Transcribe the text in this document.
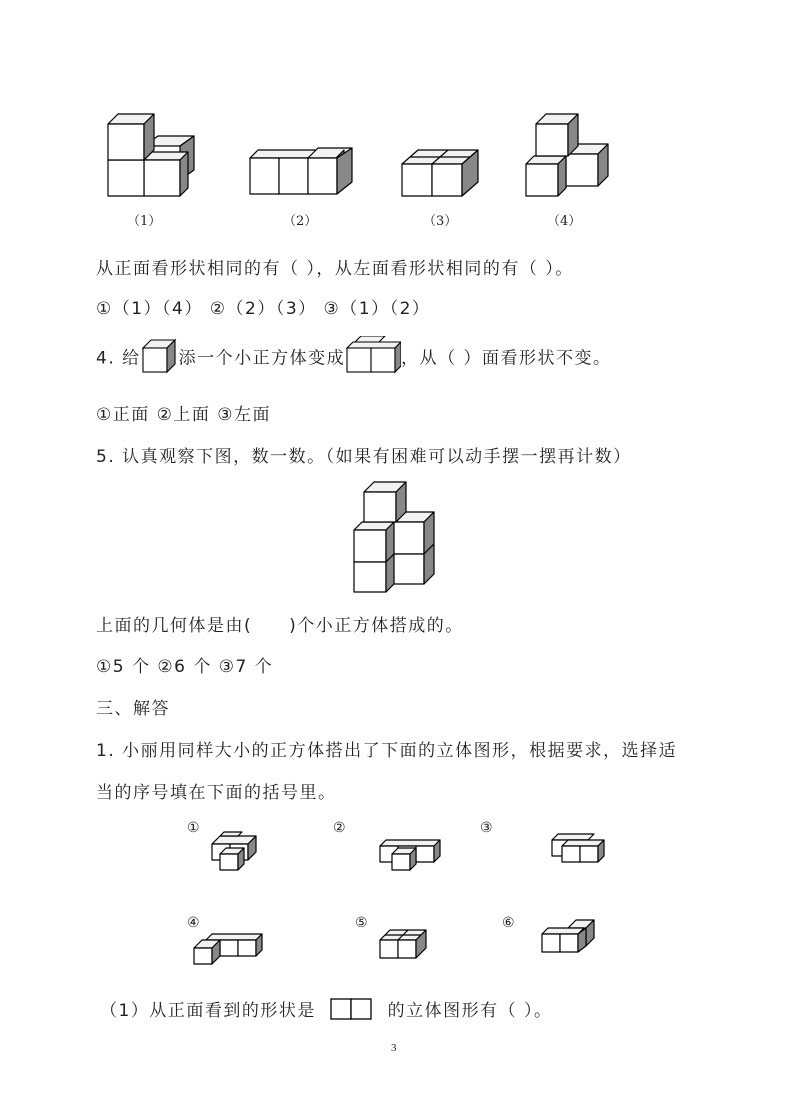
（1）	（2）	（3）	（4）
从正面看形状相同的有（ ），从左面看形状相同的有（ ）。
①（1）（4） ②（2）（3） ③（1）（2）
4. 给 添一个小正方体变成	，从（ ）面看形状不变。
①正面 ②上面 ③左面
5. 认真观察下图，数一数。（如果有困难可以动手摆一摆再计数）
上面的几何体是由(　　)个小正方体搭成的。
①5 个 ②6 个 ③7 个
三、解答
1. 小丽用同样大小的正方体搭出了下面的立体图形，根据要求，选择适
当的序号填在下面的括号里。
①	②	③
④	⑤	⑥
（1）从正面看到的形状是	的立体图形有（ ）。
3
